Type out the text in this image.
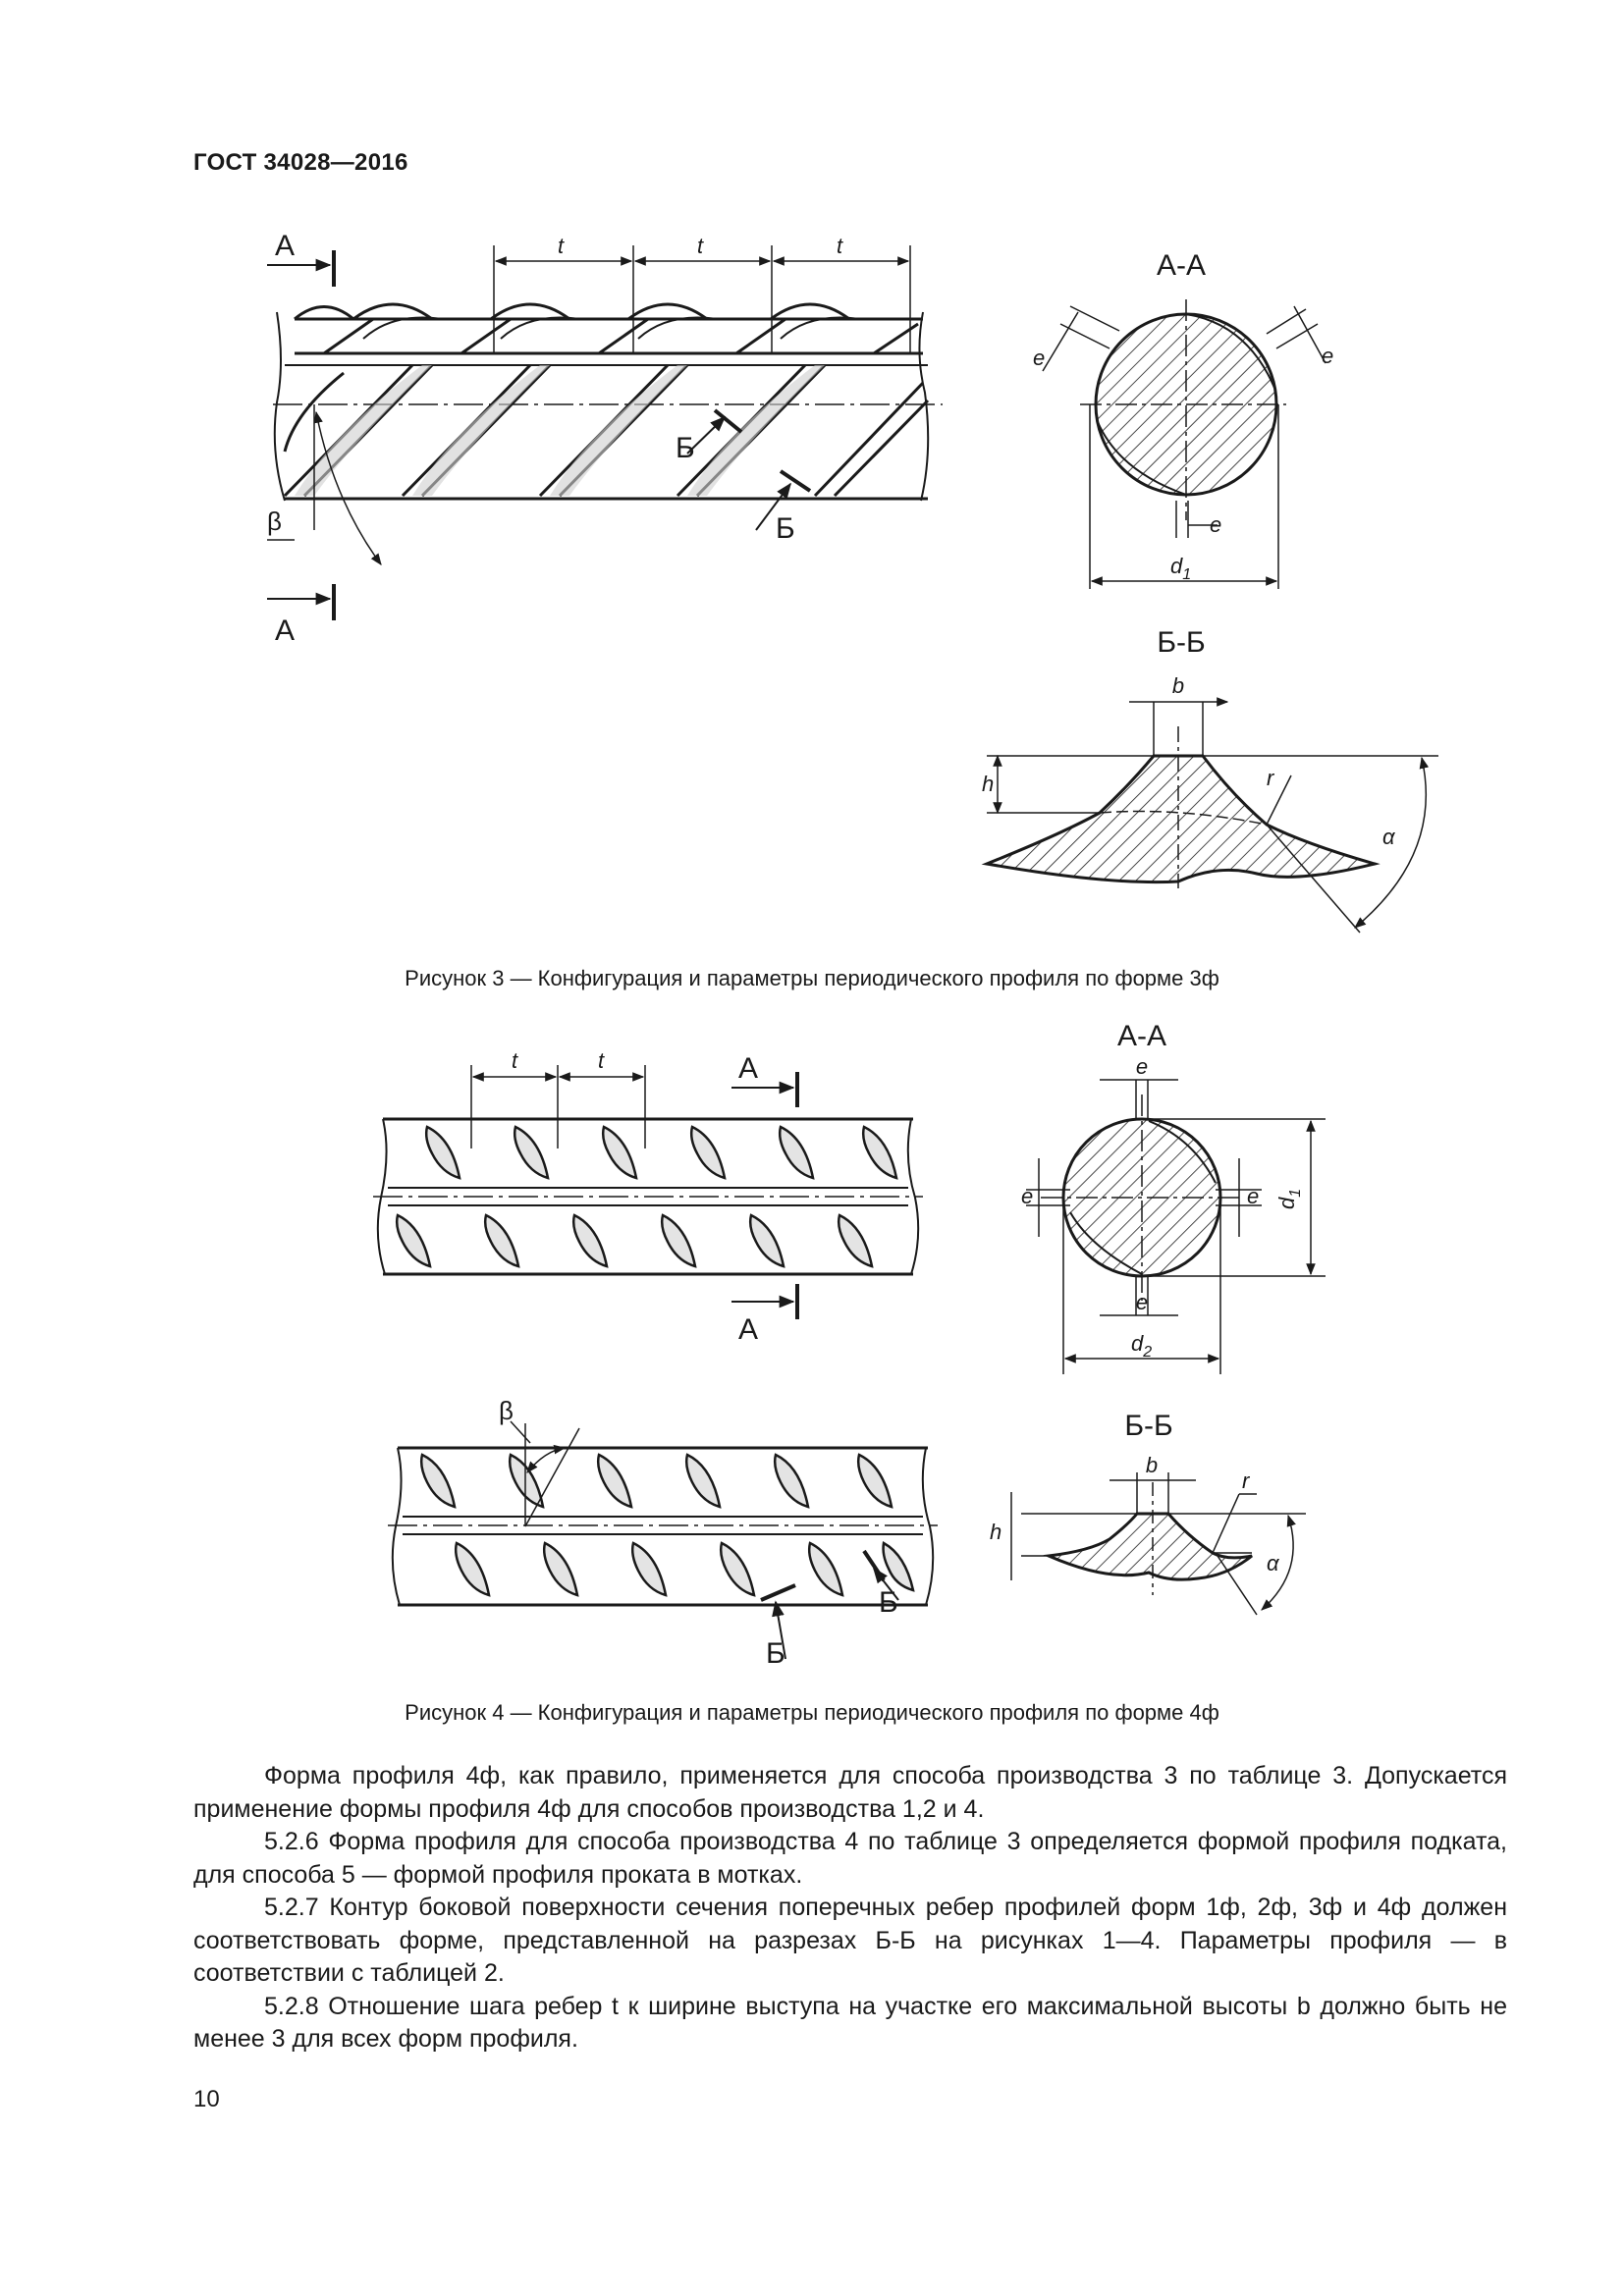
ГОСТ 34028—2016
t	t	t
А
А
Б
Б
β
А-А
$d_1$
e	e
e
Б-Б
b
h	r
α
t	t	А
А
А-А
e
e	e
e
$d_1$
$d_2$
β
Б
Б
Б-Б
b
h
r
α
Рисунок 3 — Конфигурация и параметры периодического профиля по форме 3ф
Рисунок 4 — Конфигурация и параметры периодического профиля по форме 4ф

Форма профиля 4ф, как правило, применяется для способа производства 3 по таблице 3. Допускается применение формы профиля 4ф для способов производства 1,2 и 4.

5.2.6 Форма профиля для способа производства 4 по таблице 3 определяется формой профиля подката, для способа 5 — формой профиля проката в мотках.

5.2.7 Контур боковой поверхности сечения поперечных ребер профилей форм 1ф, 2ф, 3ф и 4ф должен соответствовать форме, представленной на разрезах Б-Б на рисунках 1—4. Параметры профиля — в соответствии с таблицей 2.

5.2.8 Отношение шага ребер t к ширине выступа на участке его максимальной высоты b должно быть не менее 3 для всех форм профиля.

10
